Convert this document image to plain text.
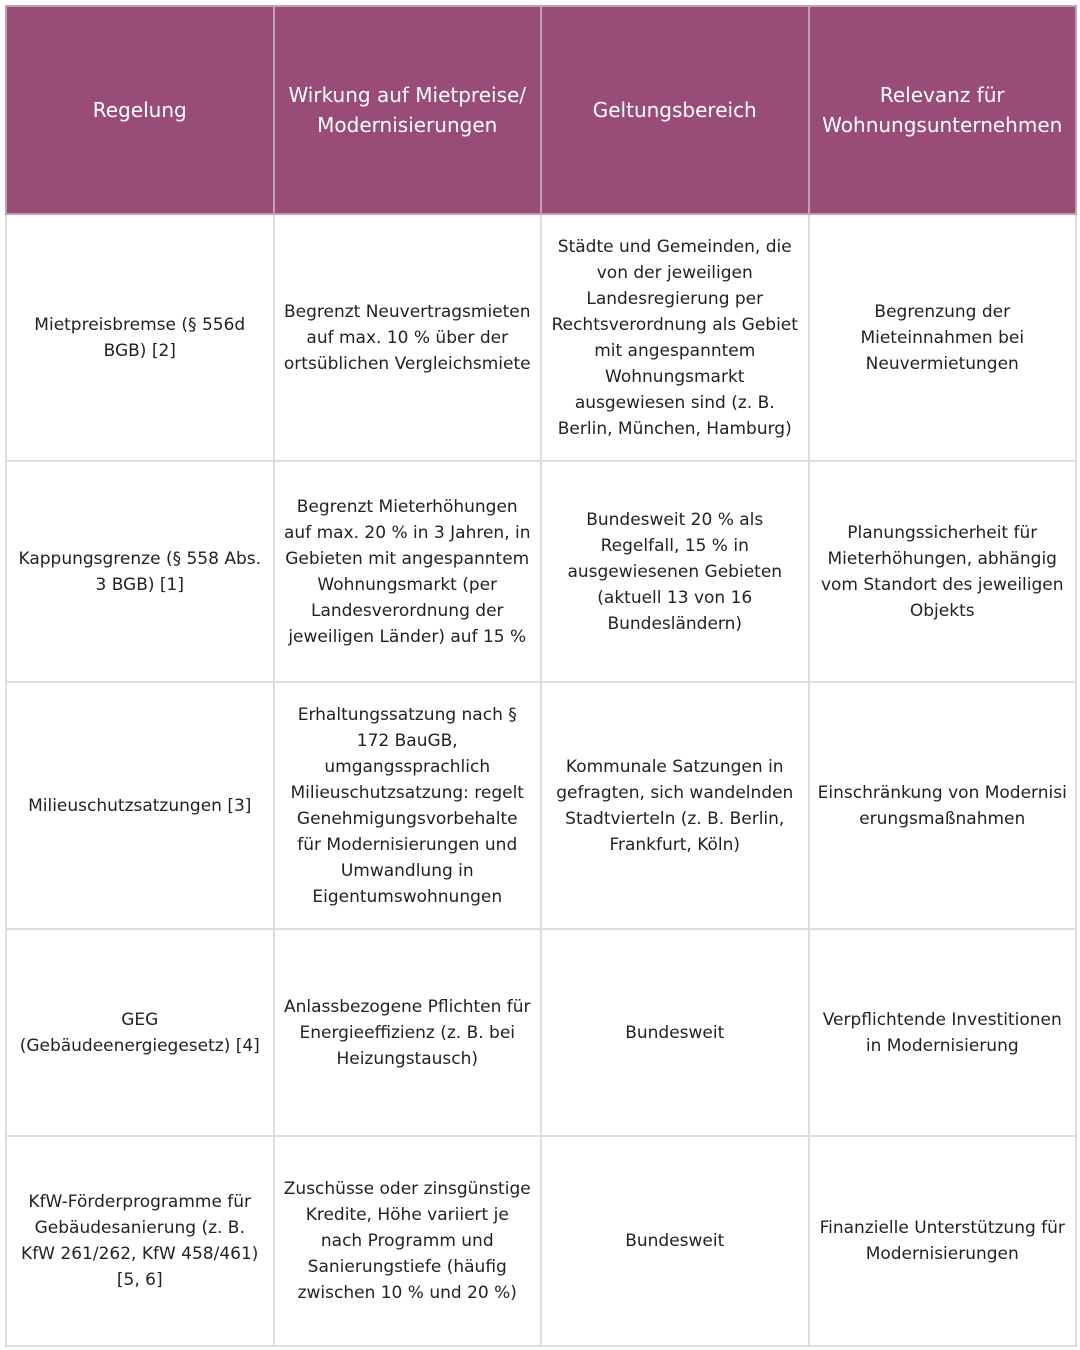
Regelung	Wirkung auf Mietpreise/Modernisierungen	Geltungsbereich	Relevanz für Wohnungsunternehmen
Mietpreisbremse (§ 556d BGB) [2]	Begrenzt Neuvertragsmieten auf max. 10 % über der ortsüblichen Vergleichsmiete	Städte und Gemeinden, die von der jeweiligen Landesregierung per Rechtsverordnung als Gebiet mit angespanntem Wohnungsmarkt ausgewiesen sind (z. B. Berlin, München, Hamburg)	Begrenzung der Mieteinnahmen bei Neuvermietungen
Kappungsgrenze (§ 558 Abs. 3 BGB) [1]	Begrenzt Mieterhöhungen auf max. 20 % in 3 Jahren, in Gebieten mit angespanntem Wohnungsmarkt (per Landesverordnung der jeweiligen Länder) auf 15 %	Bundesweit 20 % als Regelfall, 15 % in ausgewiesenen Gebieten (aktuell 13 von 16 Bundesländern)	Planungssicherheit für Mieterhöhungen, abhängig vom Standort des jeweiligen Objekts
Milieuschutzsatzungen [3]	Erhaltungssatzung nach § 172 BauGB, umgangssprachlich Milieuschutzsatzung: regelt Genehmigungsvorbehalte für Modernisierungen und Umwandlung in Eigentumswohnungen	Kommunale Satzungen in gefragten, sich wandelnden Stadtvierteln (z. B. Berlin, Frankfurt, Köln)	Einschränkung von Modernisierungsmaßnahmen
GEG (Gebäudeenergiegesetz) [4]	Anlassbezogene Pflichten für Energieeffizienz (z. B. bei Heizungstausch)	Bundesweit	Verpflichtende Investitionen in Modernisierung
KfW-Förderprogramme für Gebäudesanierung (z. B. KfW 261/262, KfW 458/461) [5, 6]	Zuschüsse oder zinsgünstige Kredite, Höhe variiert je nach Programm und Sanierungstiefe (häufig zwischen 10 % und 20 %)	Bundesweit	Finanzielle Unterstützung für Modernisierungen
